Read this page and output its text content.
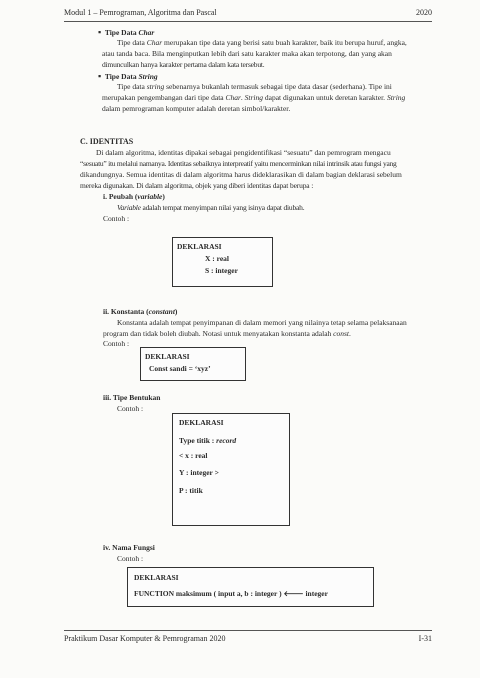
Modul 1 – Pemrograman, Algoritma dan Pascal	2020
▪ Tipe Data Char
Tipe data Char merupakan tipe data yang berisi satu buah karakter, baik itu berupa huruf, angka,
atau tanda baca. Bila menginputkan lebih dari satu karakter maka akan terpotong, dan yang akan
dimunculkan hanya karakter pertama dalam kata tersebut.
▪ Tipe Data String
Tipe data string sebenarnya bukanlah termasuk sebagai tipe data dasar (sederhana). Tipe ini
merupakan pengembangan dari tipe data Char. String dapat digunakan untuk deretan karakter. String
dalam pemrograman komputer adalah deretan simbol/karakter.
C. IDENTITAS
Di dalam algoritma, identitas dipakai sebagai pengidentifikasi “sesuatu” dan pemrogram mengacu
“sesuatu” itu melalui namanya. Identitas sebaiknya interpreatif yaitu mencerminkan nilai intrinsik atau fungsi yang
dikandungnya. Semua identitas di dalam algoritma harus dideklarasikan di dalam bagian deklarasi sebelum
mereka digunakan. Di dalam algoritma, objek yang diberi identitas dapat berupa :
i. Peubah (variable)
Variable adalah tempat menyimpan nilai yang isinya dapat diubah.
Contoh :
DEKLARASI
X : real
S : integer
ii. Konstanta (constant)
Konstanta adalah tempat penyimpanan di dalam memori yang nilainya tetap selama pelaksanaan
program dan tidak boleh diubah. Notasi untuk menyatakan konstanta adalah const.
Contoh :
DEKLARASI
Const sandi = ‘xyz’
iii. Tipe Bentukan
Contoh :
DEKLARASI
Type titik : record
< x : real
Y : integer >
P : titik
iv. Nama Fungsi
Contoh :
DEKLARASI
FUNCTION maksimum ( input a, b : integer ) 🡐 integer
Praktikum Dasar Komputer & Pemrograman 2020	I-31
